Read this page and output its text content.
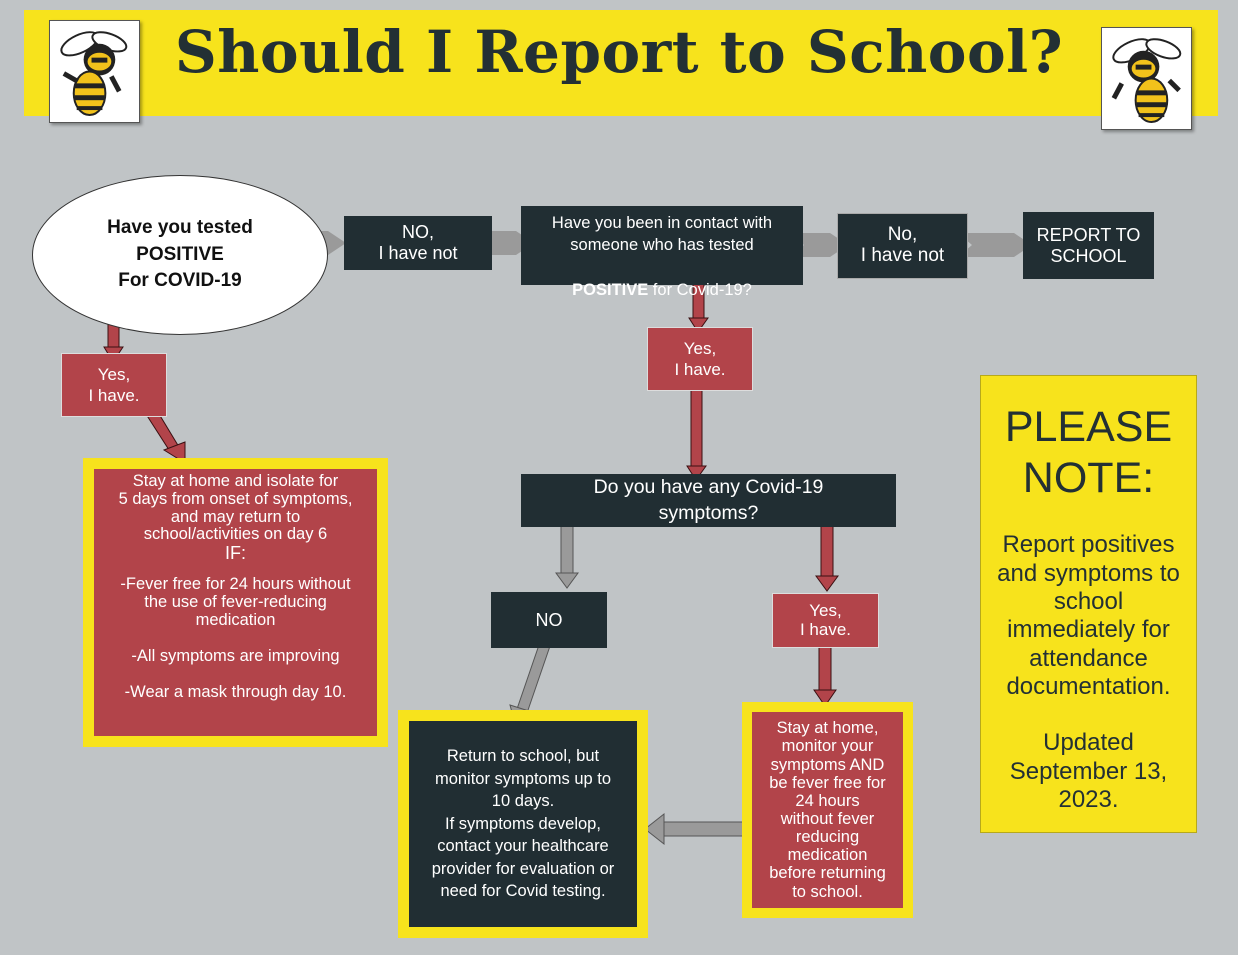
Should I Report to School?
Have you tested
POSITIVE
For COVID-19
NO,
I have not

Have you been in contact with
someone who has tested

POSITIVE for Covid-19?

No,
I have not
REPORT TO
SCHOOL
Yes,
I have.
Yes,
I have.
Do you have any Covid-19
symptoms?
NO	Yes,
I have.
Stay at home and isolate for
5 days from onset of symptoms,
and may return to
school/activities on day 6
IF:
-Fever free for 24 hours without
the use of fever-reducing
medication
-All symptoms are improving
-Wear a mask through day 10.
Return to school, but
monitor symptoms up to
10 days.
If symptoms develop,
contact your healthcare
provider for evaluation or
need for Covid testing.
Stay at home,
monitor your
symptoms AND
be fever free for
24 hours
without fever
reducing
medication
before returning
to school.
PLEASE
NOTE:
Report positives
and symptoms to
school
immediately for
attendance
documentation.
Updated
September 13,
2023.
